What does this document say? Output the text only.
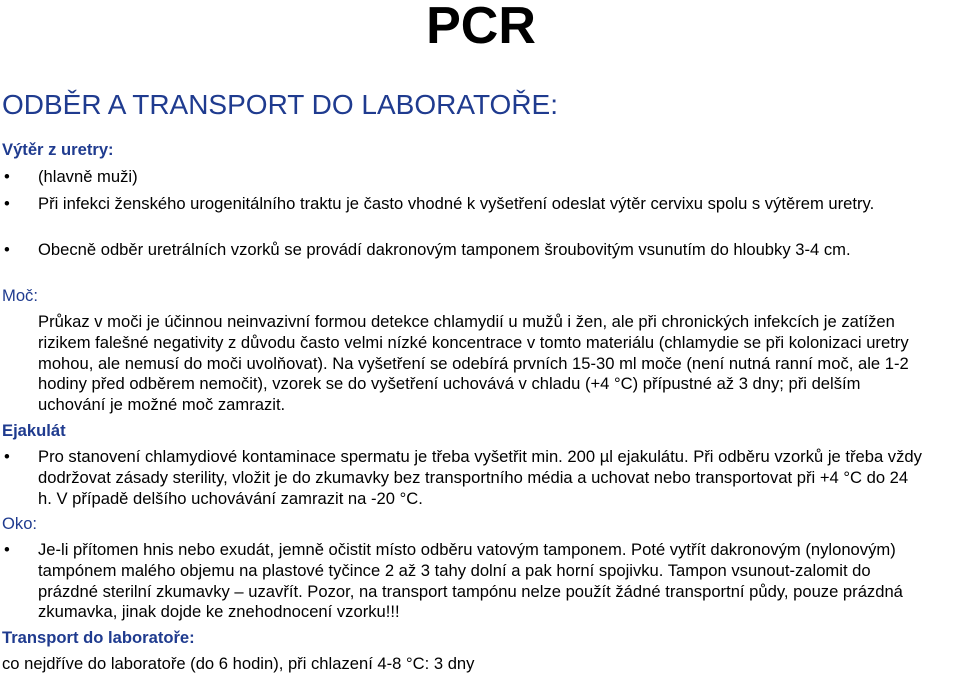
PCR
ODBĚR A TRANSPORT DO LABORATOŘE:
Výtěr z uretry:
•	(hlavně muži)
•	Při infekci ženského urogenitálního traktu je často vhodné k vyšetření odeslat výtěr cervixu spolu s výtěrem uretry.
•	Obecně odběr uretrálních vzorků se provádí dakronovým tamponem šroubovitým vsunutím do hloubky 3-4 cm.
Moč:
Průkaz v moči je účinnou neinvazivní formou detekce chlamydií u mužů i žen, ale při chronických infekcích je zatížen rizikem falešné negativity z důvodu často velmi nízké koncentrace v tomto materiálu (chlamydie se při kolonizaci uretry mohou, ale nemusí do moči uvolňovat). Na vyšetření se odebírá prvních 15-30 ml moče (není nutná ranní moč, ale 1-2 hodiny před odběrem nemočit), vzorek se do vyšetření uchovává v chladu (+4 °C) přípustné až 3 dny; při delším uchování je možné moč zamrazit.
Ejakulát
•	Pro stanovení chlamydiové kontaminace spermatu je třeba vyšetřit min. 200 µl ejakulátu. Při odběru vzorků je třeba vždy dodržovat zásady sterility, vložit je do zkumavky bez transportního média a uchovat nebo transportovat při +4 °C do 24 h. V případě delšího uchovávání zamrazit na -20 °C.
Oko:
•	Je-li přítomen hnis nebo exudát, jemně očistit místo odběru vatovým tamponem. Poté vytřít dakronovým (nylonovým) tampónem malého objemu na plastové tyčince 2 až 3 tahy dolní a pak horní spojivku. Tampon vsunout-zalomit do prázdné sterilní zkumavky – uzavřít. Pozor, na transport tampónu nelze použít žádné transportní půdy, pouze prázdná zkumavka, jinak dojde ke znehodnocení vzorku!!!
Transport do laboratoře:
co nejdříve do laboratoře (do 6 hodin), při chlazení 4-8 °C: 3 dny
